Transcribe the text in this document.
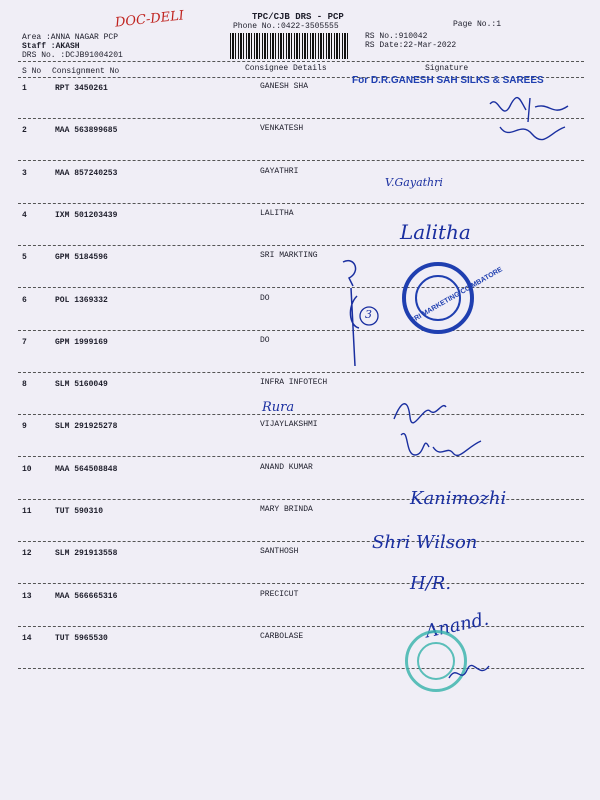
DOC-DELI	TPC/CJB DRS - PCP
Phone No.:0422-3505555	Page No.:1
Area :ANNA NAGAR PCP
Staff :AKASH
DRS No. :DCJB91004201
RS No.:910042
RS Date:22-Mar-2022
S No Consignment No	Consignee Details	Signature
1	RPT 3450261	GANESH SHA
2	MAA 563899685	VENKATESH
3	MAA 857240253	GAYATHRI
4	IXM 501203439	LALITHA
5	GPM 5184596	SRI MARKTING
6	POL 1369332	DO
7	GPM 1999169	DO
8	SLM 5160049	INFRA INFOTECH
9	SLM 291925278	VIJAYLAKSHMI
10	MAA 564508848	ANAND KUMAR
11	TUT 590310	MARY BRINDA
12	SLM 291913558	SANTHOSH
13	MAA 566665316	PRECICUT
14	TUT 5965530	CARBOLASE
For D.R.GANESH SAH SILKS & SAREES
V.Gayathri
Lalitha
3	SRI MARKETING COIMBATORE
Rura
Kanimozhi
Shri Wilson
H/R.
Anand.
